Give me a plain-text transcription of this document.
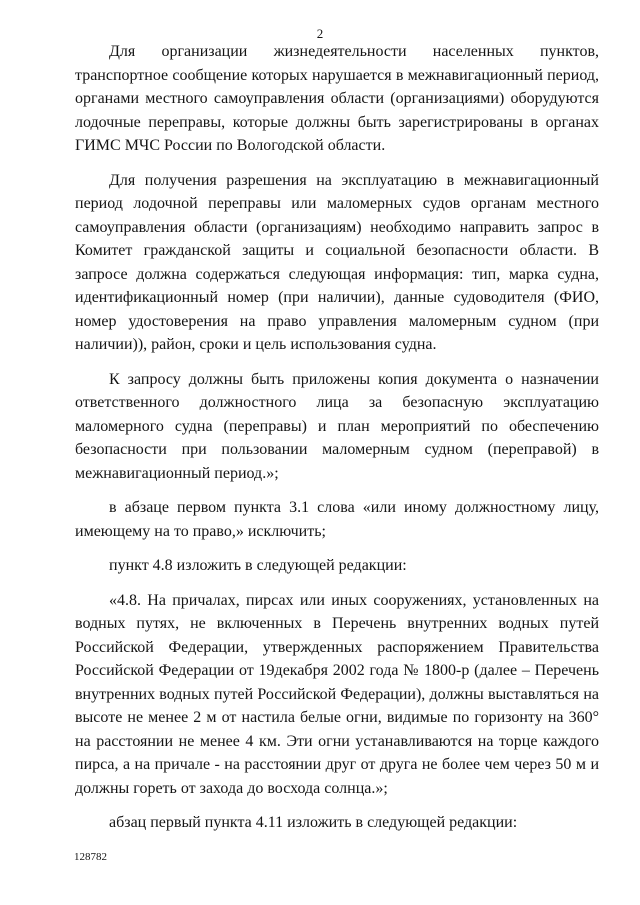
2

Для организации жизнедеятельности населенных пунктов, транспортное сообщение которых нарушается в межнавигационный период, органами местного самоуправления области (организациями) оборудуются лодочные переправы, которые должны быть зарегистрированы в органах ГИМС МЧС России по Вологодской области.

Для получения разрешения на эксплуатацию в межнавигационный период лодочной переправы или маломерных судов органам местного самоуправления области (организациям) необходимо направить запрос в Комитет гражданской защиты и социальной безопасности области. В запросе должна содержаться следующая информация: тип, марка судна, идентификационный номер (при наличии), данные судоводителя (ФИО, номер удостоверения на право управления маломерным судном (при наличии)), район, сроки и цель использования судна.

К запросу должны быть приложены копия документа о назначении ответственного должностного лица за безопасную эксплуатацию маломерного судна (переправы) и план мероприятий по обеспечению безопасности при пользовании маломерным судном (переправой) в межнавигационный период.»;

в абзаце первом пункта 3.1 слова «или иному должностному лицу, имеющему на то право,» исключить;

пункт 4.8 изложить в следующей редакции:

«4.8. На причалах, пирсах или иных сооружениях, установленных на водных путях, не включенных в Перечень внутренних водных путей Российской Федерации, утвержденных распоряжением Правительства Российской Федерации от 19декабря 2002 года № 1800-р (далее – Перечень внутренних водных путей Российской Федерации), должны выставляться на высоте не менее 2 м от настила белые огни, видимые по горизонту на 360° на расстоянии не менее 4 км. Эти огни устанавливаются на торце каждого пирса, а на причале - на расстоянии друг от друга не более чем через 50 м и должны гореть от захода до восхода солнца.»;

абзац первый пункта 4.11 изложить в следующей редакции:

128782
